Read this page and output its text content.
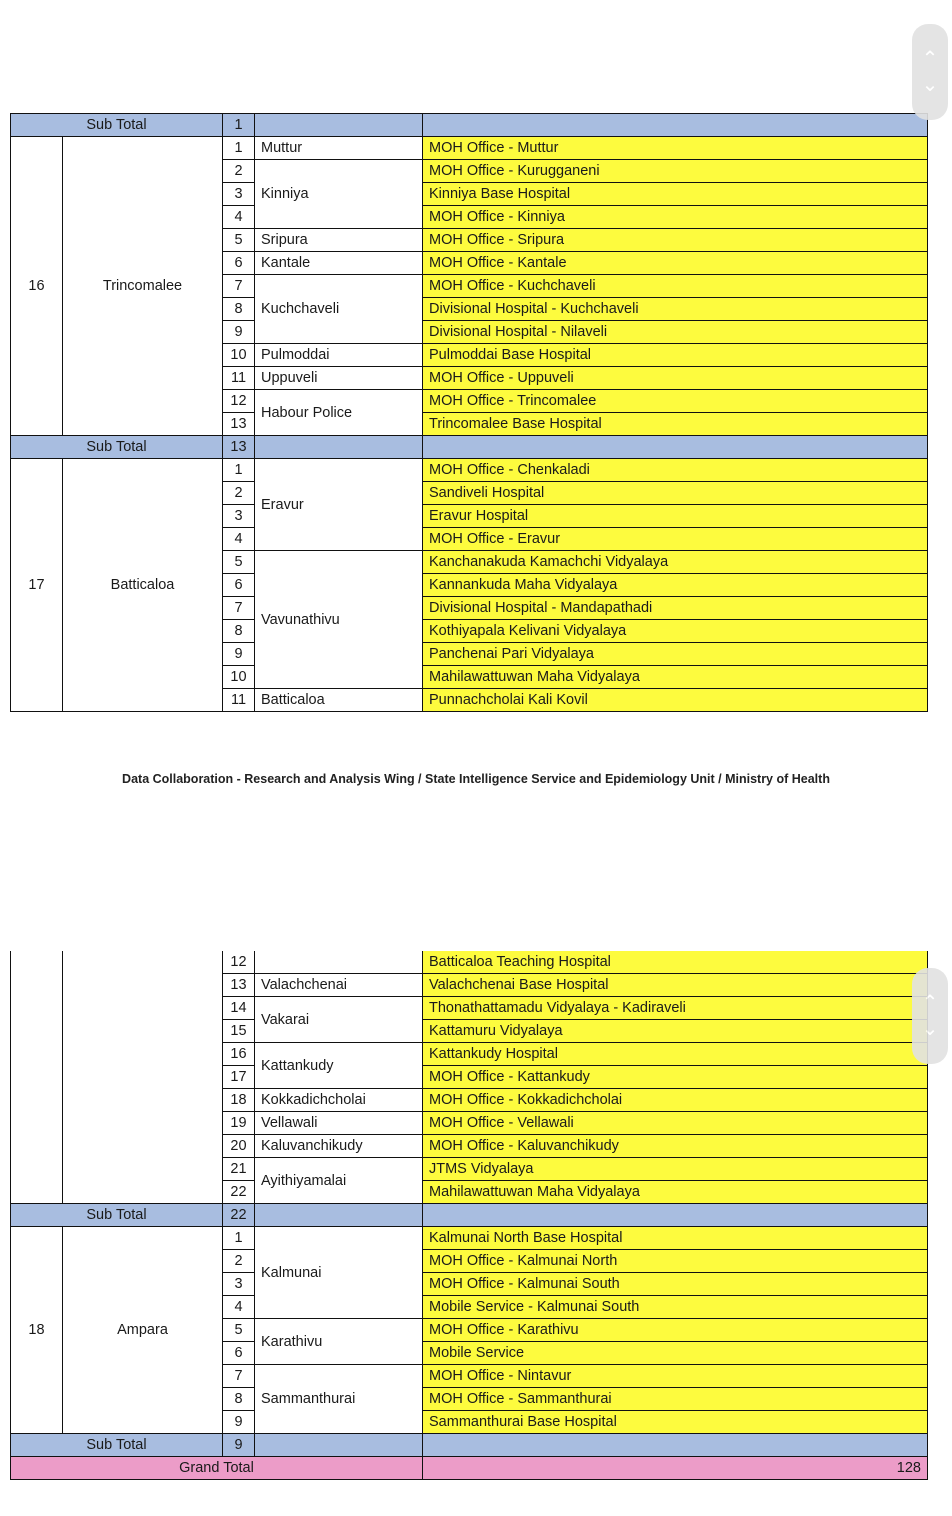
Sub Total		1		
16	Trincomalee	1	Muttur	MOH Office - Muttur
		2	Kinniya	MOH Office - Kurugganeni
		3		Kinniya Base Hospital
		4		MOH Office - Kinniya
		5	Sripura	MOH Office - Sripura
		6	Kantale	MOH Office - Kantale
		7	Kuchchaveli	MOH Office - Kuchchaveli
		8		Divisional Hospital - Kuchchaveli
		9		Divisional Hospital - Nilaveli
		10	Pulmoddai	Pulmoddai Base Hospital
		11	Uppuveli	MOH Office - Uppuveli
		12	Habour Police	MOH Office - Trincomalee
		13		Trincomalee Base Hospital
Sub Total		13		
17	Batticaloa	1	Eravur	MOH Office - Chenkaladi
		2		Sandiveli Hospital
		3		Eravur Hospital
		4		MOH Office - Eravur
		5	Vavunathivu	Kanchanakuda Kamachchi Vidyalaya
		6		Kannankuda Maha Vidyalaya
		7		Divisional Hospital - Mandapathadi
		8		Kothiyapala Kelivani Vidyalaya
		9		Panchenai Pari Vidyalaya
		10		Mahilawattuwan Maha Vidyalaya
		11	Batticaloa	Punnachcholai Kali Kovil
Data Collaboration - Research and Analysis Wing / State Intelligence Service and Epidemiology Unit / Ministry of Health
		12		Batticaloa Teaching Hospital
		13	Valachchenai	Valachchenai Base Hospital
		14	Vakarai	Thonathattamadu Vidyalaya - Kadiraveli
		15		Kattamuru Vidyalaya
		16	Kattankudy	Kattankudy Hospital
		17		MOH Office - Kattankudy
		18	Kokkadichcholai	MOH Office - Kokkadichcholai
		19	Vellawali	MOH Office - Vellawali
		20	Kaluvanchikudy	MOH Office - Kaluvanchikudy
		21	Ayithiyamalai	JTMS Vidyalaya
		22		Mahilawattuwan Maha Vidyalaya
Sub Total		22		
18	Ampara	1	Kalmunai	Kalmunai North Base Hospital
		2		MOH Office - Kalmunai North
		3		MOH Office - Kalmunai South
		4		Mobile Service - Kalmunai South
		5	Karathivu	MOH Office - Karathivu
		6		Mobile Service
		7	Sammanthurai	MOH Office - Nintavur
		8		MOH Office - Sammanthurai
		9		Sammanthurai Base Hospital
Sub Total		9		
Grand Total				128
⌃
⌄
⌃
⌄
